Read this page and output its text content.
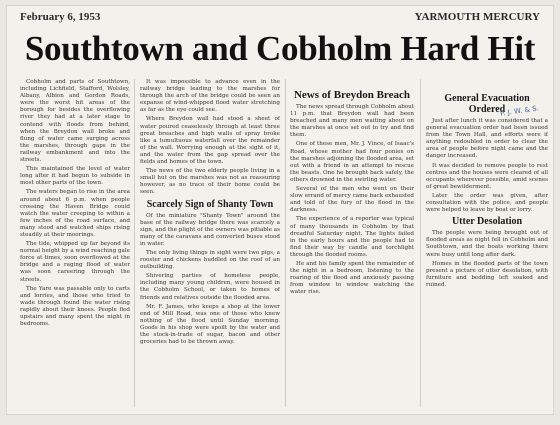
February 6, 1953	YARMOUTH MERCURY
Southtown and Cobholm Hard Hit

Cobholm and parts of Southtown, including Lichfield, Stafford, Wolsley, Albany, Albion and Gordon Roads, were the worst hit areas of the borough for besides the overflowing river they had at a later stage to contend with floods from behind, when the Breydon wall broke and flung of water came surging across the marshes, through gaps in the railway embankment and into the streets.

This maintained the level of water long after it had begun to subside in most other parts of the town.

The waters began to rise in the area around about 6 p.m. when people crossing the Haven Bridge could watch the water creeping to within a few inches of the road surface, and many stood and watched ships rising steadily at their moorings.

The tide, whipped up far beyond its normal height by a wind reaching gale force at times, soon overflowed at the bridge and a raging flood of water was soon careering through the streets.

The Yare was passable only to carts and lorries, and those who tried to wade through found the water rising rapidly about their knees. People fled upstairs and many spent the night in bedrooms.

It was impossible to advance even in the railway bridge leading to the marshes for through the arch of the bridge could be seen an expanse of wind-whipped flood water stretching as far as the eye could see.

Where Breydon wall had stood a sheet of water poured ceaselessly through at least three great breaches and high walls of spray broke like a tumultuous waterfall over the remainder of the wall. Worrying enough at the sight of it, and the water from the gap spread over the fields and homes of the town.

The news of the two elderly people living in a small hut on the marshes was not as reassuring however, as no trace of their home could be seen.

Scarcely Sign of Shanty Town

Of the miniature "Shanty Town" around the base of the railway bridge there was scarcely a sign, and the plight of the owners was pitiable as many of the caravans and converted buses stood in water.

The only living things in sight were two pigs, a rooster and chickens huddled on the roof of an outbuilding.

Shivering parties of homeless people, including many young children, were housed in the Cobholm School, or taken to homes of friends and relatives outside the flooded area.

Mr. F. James, who keeps a shop at the lower end of Mill Road, was one of those who knew nothing of the flood until Sunday morning. Goods in his shop were spoilt by the water and the stock-in-trade of sugar, bacon and other groceries had to be thrown away.

News of Breydon Breach

The news spread through Cobholm about 11 p.m. that Breydon wall had been breached and many men waiting about on the marshes at once set out to try and find them.

One of these men, Mr. J. Vince, of Isaac's Road, whose mother had four ponies on the marshes adjoining the flooded area, set out with a friend in an attempt to rescue the beasts. One he brought back safely, the others drowned in the swirling water.

Several of the men who went on their slow errand of mercy came back exhausted and told of the fury of the flood in the darkness.

The experience of a reporter was typical of many thousands in Cobholm by that dreadful Saturday night. The lights failed in the early hours and the people had to find their way by candle and torchlight through the flooded rooms.

He and his family spent the remainder of the night in a bedroom, listening to the roaring of the flood and anxiously passing from window to window watching the water rise.

General Evacuation Ordered

Just after lunch it was considered that a general evacuation order had been issued from the Town Hall, and efforts were if anything redoubled in order to clear the area of people before night came and the danger increased.

It was decided to remove people to rest centres and the houses were cleared of all occupants wherever possible, amid scenes of great bewilderment.

Later the order was given, after consultation with the police, and people were helped to leave by boat or lorry.

Utter Desolation

The people were being brought out of flooded areas as night fell in Cobholm and Southtown, and the boats working there were busy until long after dark.

Homes in the flooded parts of the town present a picture of utter desolation, with furniture and bedding left soaked and ruined.

P. J. W. & S.
